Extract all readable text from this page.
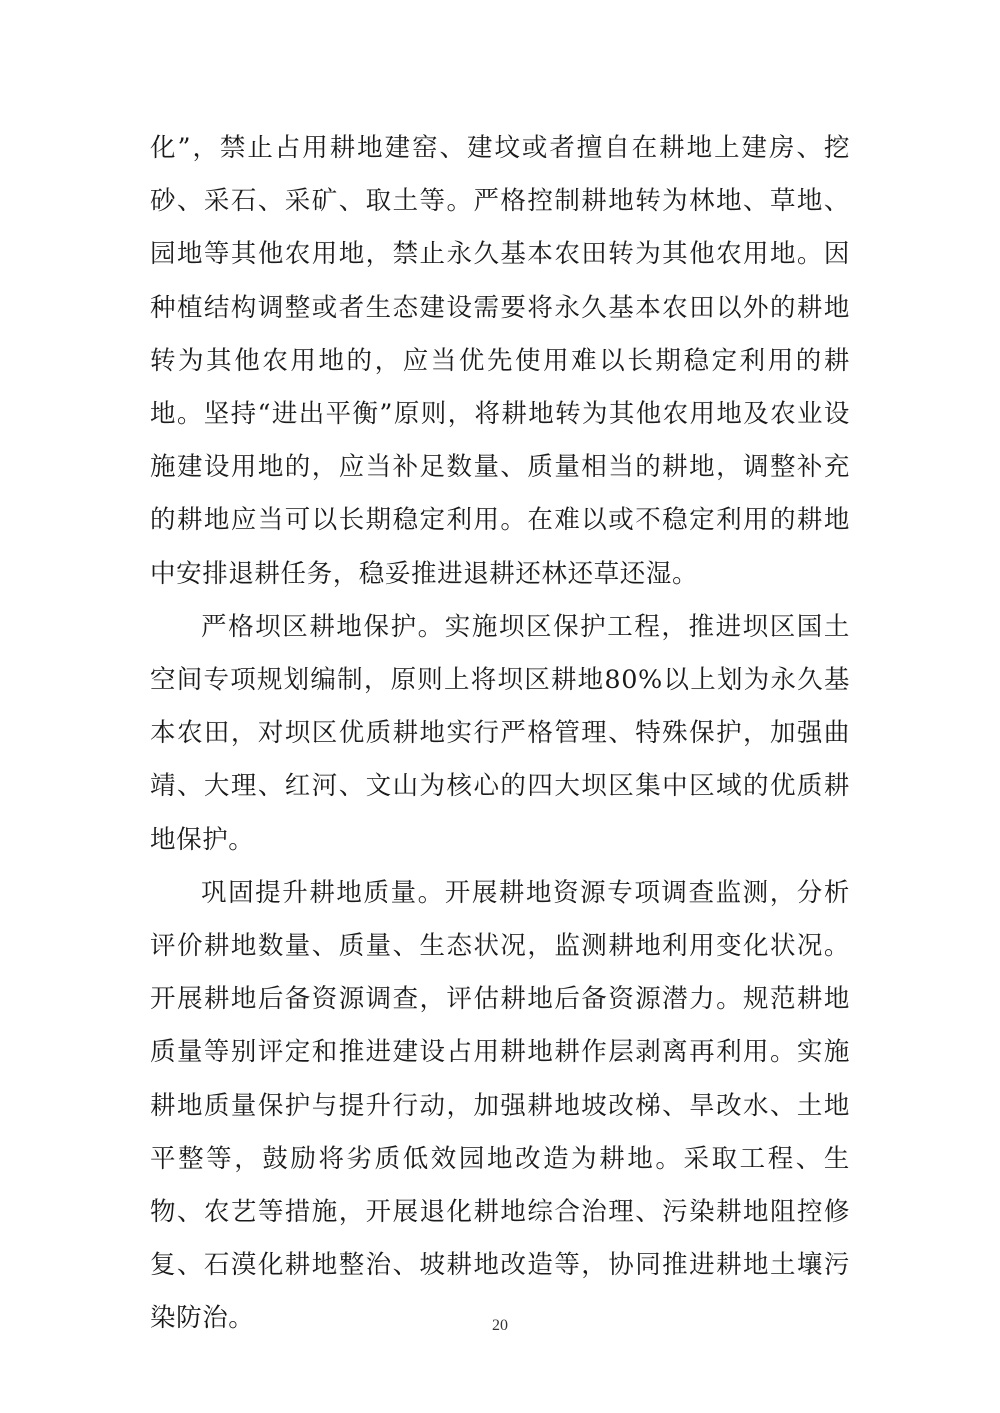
化”，禁止占用耕地建窑、建坟或者擅自在耕地上建房、挖砂、采石、采矿、取土等。严格控制耕地转为林地、草地、园地等其他农用地，禁止永久基本农田转为其他农用地。因种植结构调整或者生态建设需要将永久基本农田以外的耕地转为其他农用地的，应当优先使用难以长期稳定利用的耕地。坚持“进出平衡”原则，将耕地转为其他农用地及农业设施建设用地的，应当补足数量、质量相当的耕地，调整补充的耕地应当可以长期稳定利用。在难以或不稳定利用的耕地中安排退耕任务，稳妥推进退耕还林还草还湿。

严格坝区耕地保护。实施坝区保护工程，推进坝区国土空间专项规划编制，原则上将坝区耕地80%以上划为永久基本农田，对坝区优质耕地实行严格管理、特殊保护，加强曲靖、大理、红河、文山为核心的四大坝区集中区域的优质耕地保护。

巩固提升耕地质量。开展耕地资源专项调查监测，分析评价耕地数量、质量、生态状况，监测耕地利用变化状况。开展耕地后备资源调查，评估耕地后备资源潜力。规范耕地质量等别评定和推进建设占用耕地耕作层剥离再利用。实施耕地质量保护与提升行动，加强耕地坡改梯、旱改水、土地平整等，鼓励将劣质低效园地改造为耕地。采取工程、生物、农艺等措施，开展退化耕地综合治理、污染耕地阻控修复、石漠化耕地整治、坡耕地改造等，协同推进耕地土壤污染防治。	20
